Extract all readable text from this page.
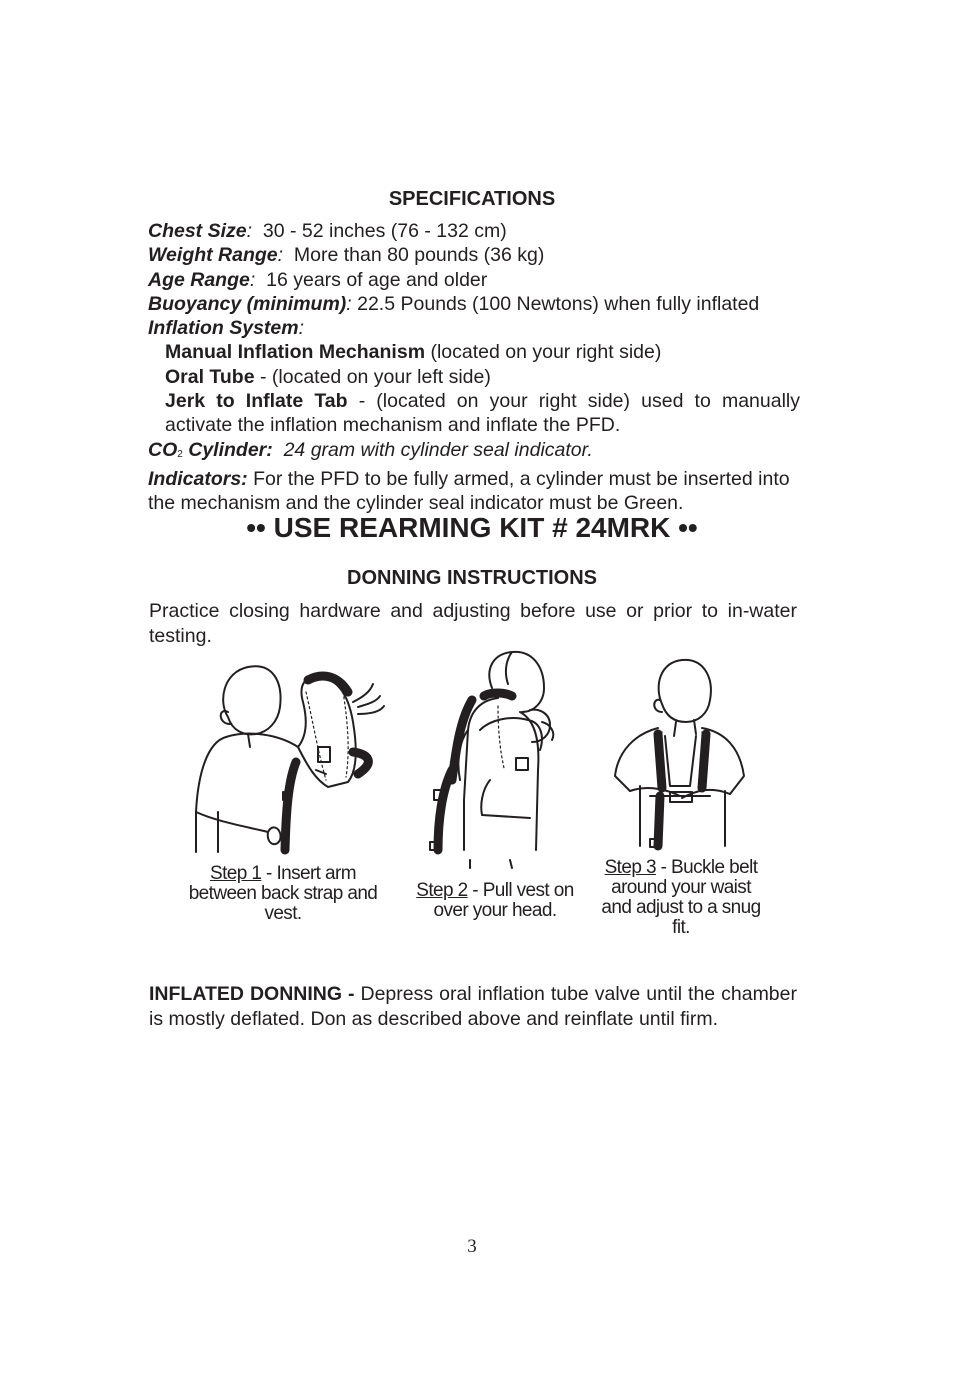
SPECIFICATIONS

Chest Size:  30 - 52 inches (76 - 132 cm)

Weight Range:  More than 80 pounds (36 kg)

Age Range:  16 years of age and older

Buoyancy (minimum): 22.5 Pounds (100 Newtons) when fully inflated

Inflation System:

Manual Inflation Mechanism (located on your right side)

Oral Tube - (located on your left side)

Jerk to Inflate Tab - (located on your right side) used to manually activate the inflation mechanism and inflate the PFD.

CO2 Cylinder:  24 gram with cylinder seal indicator.

Indicators: For the PFD to be fully armed, a cylinder must be inserted into the mechanism and the cylinder seal indicator must be Green.

•• USE REARMING KIT # 24MRK ••
DONNING INSTRUCTIONS

Practice closing hardware and adjusting before use or prior to in-water testing.

Step 1 - Insert arm between back strap and vest.
Step 2 - Pull vest on over your head.
Step 3 - Buckle belt around your waist and adjust to a snug fit.

INFLATED DONNING - Depress oral inflation tube valve until the chamber is mostly deflated. Don as described above and reinflate until firm.

3
